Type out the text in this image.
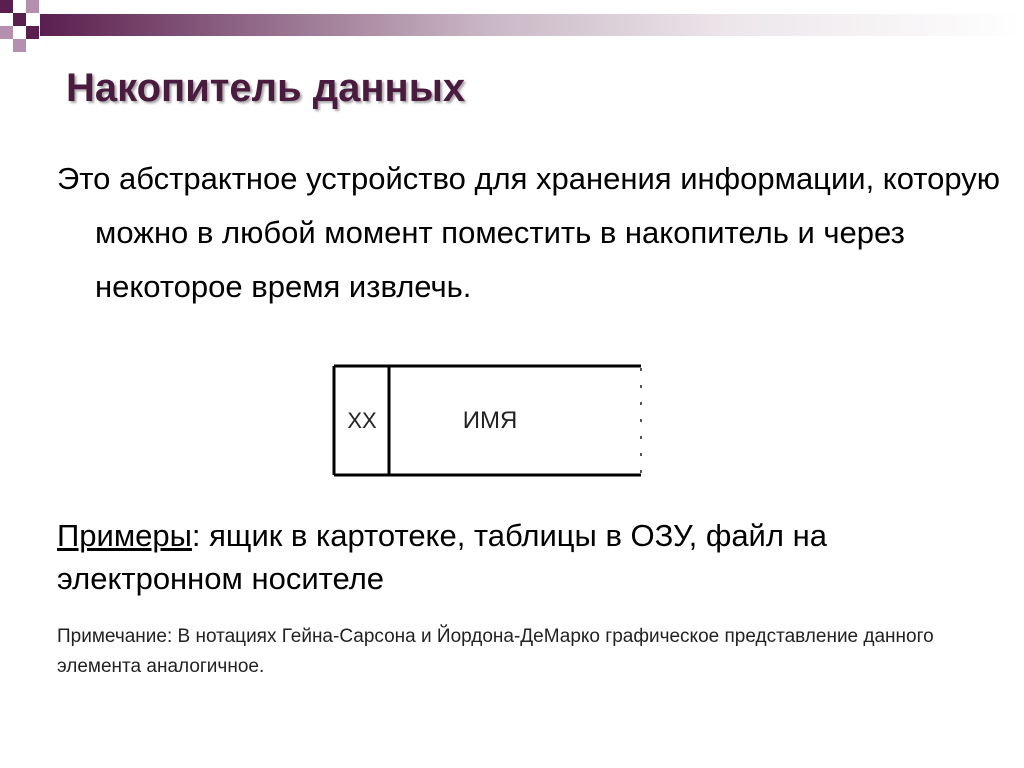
Накопитель данных

Это абстрактное устройство для хранения информации, которую можно в любой момент поместить в накопитель и через некоторое время извлечь.

XX	ИМЯ

Примеры: ящик в картотеке, таблицы в ОЗУ, файл на электронном носителе

Примечание: В нотациях Гейна-Сарсона и Йордона-ДеМарко графическое представление данного элемента аналогичное.
